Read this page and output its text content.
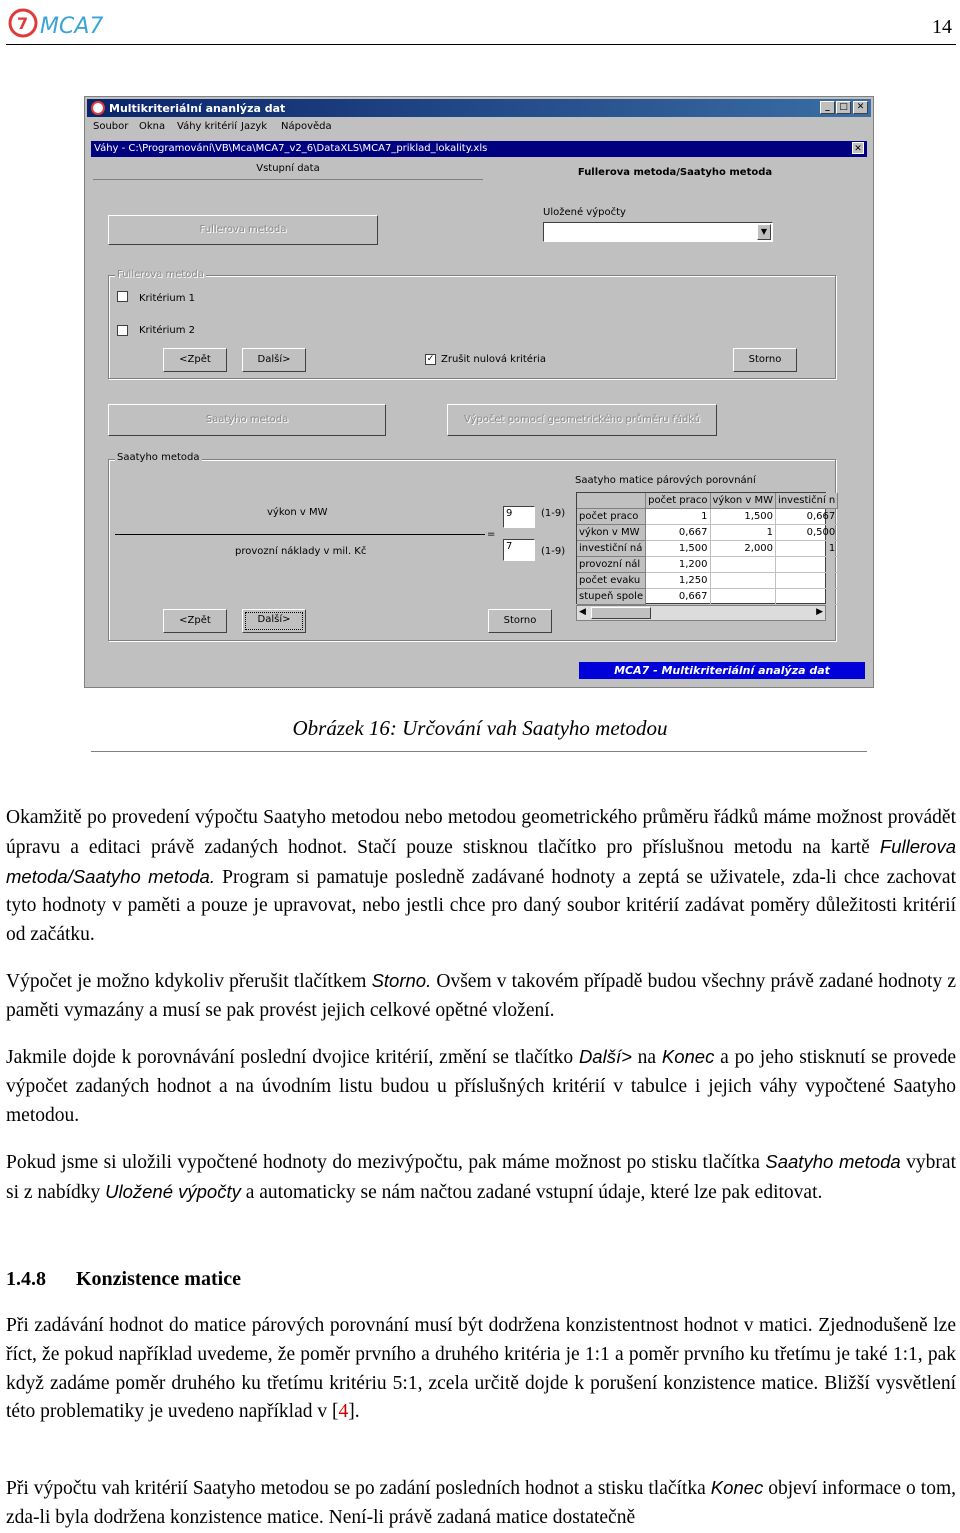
7 MCA7	14
Multikriteriální ananlýza dat	_	□ ✕
Soubor Okna Váhy kritérií Jazyk Nápověda
Váhy - C:\Programování\VB\Mca\MCA7_v2_6\DataXLS\MCA7_priklad_lokality.xls	✕
Vstupní data	Fullerova metoda/Saatyho metoda
Fullerova metoda
Uložené výpočty
▼
Fullerova metoda
Kritérium 1
Kritérium 2
<Zpět	Další>	✓ Zrušit nulová kritéria	Storno
Saatyho metoda	Výpočet pomocí geometrického průměru řádků
Saatyho metoda
výkon v MW
provozní náklady v mil. Kč
=
9	(1-9)
7	(1-9)
Saatyho matice párových porovnání
	počet praco	výkon v MW	investiční n
počet praco	1	1,500	0,667
výkon v MW	0,667	1	0,500
investiční ná	1,500	2,000	1
provozní nál	1,200		
počet evaku	1,250		
stupeň spole	0,667		
◀	▶
<Zpět	Další>	Storno
MCA7 - Multikriteriální analýza dat
Obrázek 16: Určování vah Saatyho metodou
Okamžitě po provedení výpočtu Saatyho metodou nebo metodou geometrického průměru řádků máme možnost provádět úpravu a editaci právě zadaných hodnot. Stačí pouze stisknou tlačítko pro příslušnou metodu na kartě Fullerova metoda/Saatyho metoda. Program si pamatuje posledně zadávané hodnoty a zeptá se uživatele, zda-li chce zachovat tyto hodnoty v paměti a pouze je upravovat, nebo jestli chce pro daný soubor kritérií zadávat poměry důležitosti kritérií od začátku.
Výpočet je možno kdykoliv přerušit tlačítkem Storno. Ovšem v takovém případě budou všechny právě zadané hodnoty z paměti vymazány a musí se pak provést jejich celkové opětné vložení.
Jakmile dojde k porovnávání poslední dvojice kritérií, změní se tlačítko Další> na Konec a po jeho stisknutí se provede výpočet zadaných hodnot a na úvodním listu budou u příslušných kritérií v tabulce i jejich váhy vypočtené Saatyho metodou.
Pokud jsme si uložili vypočtené hodnoty do mezivýpočtu, pak máme možnost po stisku tlačítka Saatyho metoda vybrat si z nabídky Uložené výpočty a automaticky se nám načtou zadané vstupní údaje, které lze pak editovat.
1.4.8 Konzistence matice
Při zadávání hodnot do matice párových porovnání musí být dodržena konzistentnost hodnot v matici. Zjednodušeně lze říct, že pokud například uvedeme, že poměr prvního a druhého kritéria je 1:1 a poměr prvního ku třetímu je také 1:1, pak když zadáme poměr druhého ku třetímu kritériu 5:1, zcela určitě dojde k porušení konzistence matice. Bližší vysvětlení této problematiky je uvedeno například v [4].
Při výpočtu vah kritérií Saatyho metodou se po zadání posledních hodnot a stisku tlačítka Konec objeví informace o tom, zda-li byla dodržena konzistence matice. Není-li právě zadaná matice dostatečně
